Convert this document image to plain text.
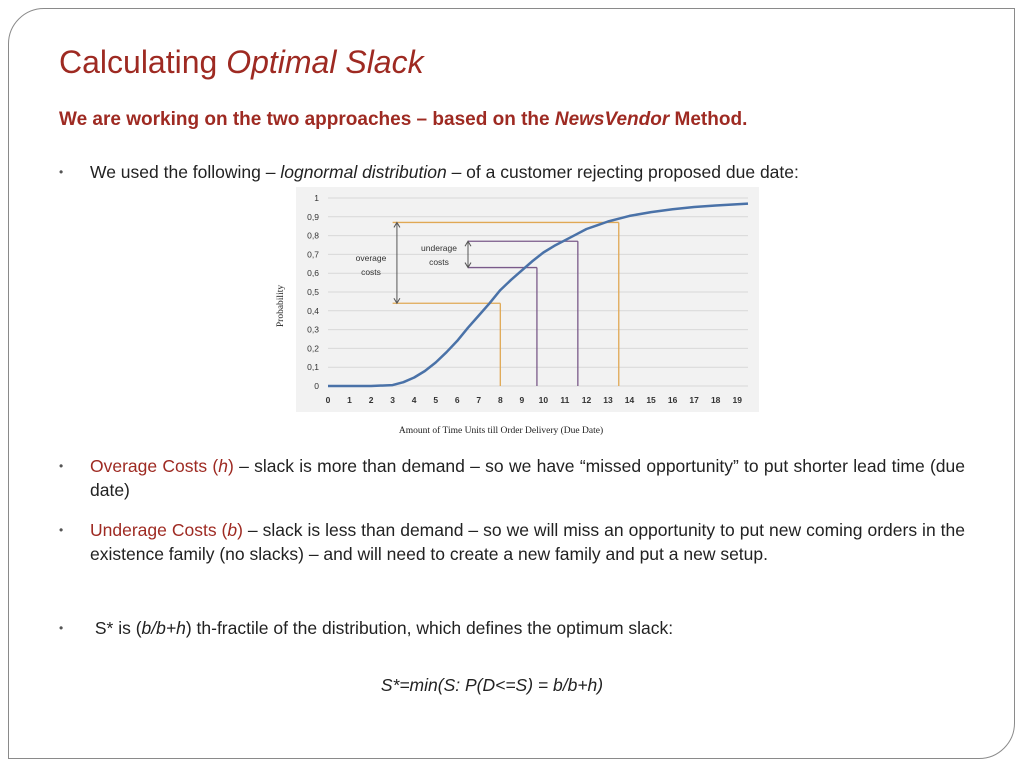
Calculating Optimal Slack
We are working on the two approaches – based on the NewsVendor Method.
• We used the following – lognormal distribution – of a customer rejecting proposed due date:
0
0,1
0,2
0,3
0,4
0,5
0,6
0,7
0,8
0,9
1
0 1 2 3 4 5 6 7 8 9 10 11 12 13 14 15 16 17 18 19
overage
costs
underage
costs
Probability
Amount of Time Units till Order Delivery (Due Date)
• Overage Costs (h) – slack is more than demand – so we have “missed opportunity” to put shorter lead time (due date)
• Underage Costs (b) – slack is less than demand – so we will miss an opportunity to put new coming orders in the existence family (no slacks) – and will need to create a new family and put a new setup.
• S* is (b/b+h) th-fractile of the distribution, which defines the optimum slack:
S*=min(S: P(D<=S) = b/b+h)
